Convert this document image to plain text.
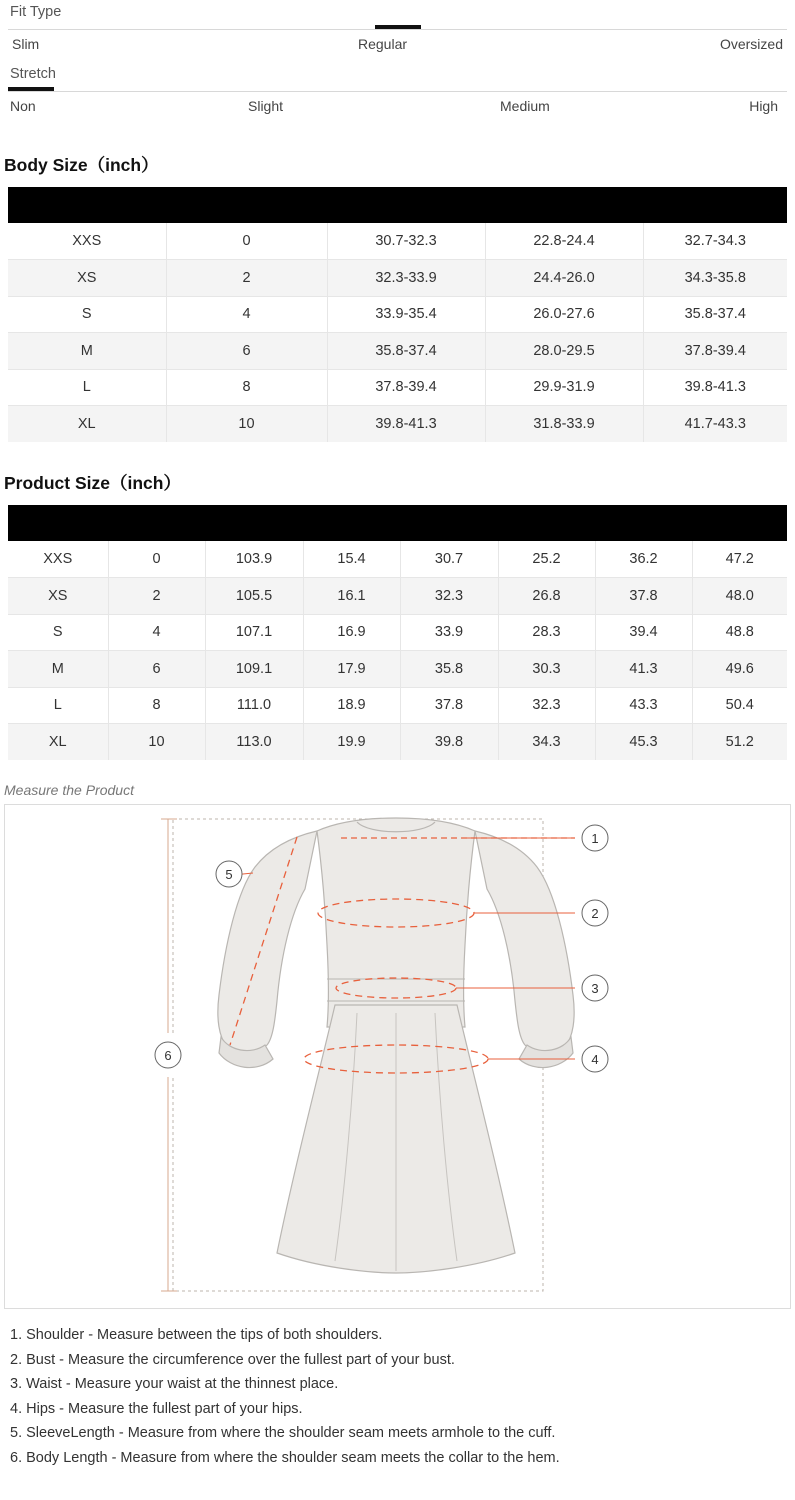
Fit Type
Slim	Regular	Oversized
Stretch
Non	Slight	Medium	High
Body Size（inch）

XXS	0	30.7-32.3	22.8-24.4	32.7-34.3
XS	2	32.3-33.9	24.4-26.0	34.3-35.8
S	4	33.9-35.4	26.0-27.6	35.8-37.4
M	6	35.8-37.4	28.0-29.5	37.8-39.4
L	8	37.8-39.4	29.9-31.9	39.8-41.3
XL	10	39.8-41.3	31.8-33.9	41.7-43.3
Product Size（inch）

XXS	0	103.9	15.4	30.7	25.2	36.2	47.2
XS	2	105.5	16.1	32.3	26.8	37.8	48.0
S	4	107.1	16.9	33.9	28.3	39.4	48.8
M	6	109.1	17.9	35.8	30.3	41.3	49.6
L	8	111.0	18.9	37.8	32.3	43.3	50.4
XL	10	113.0	19.9	39.8	34.3	45.3	51.2
Measure the Product
1
2
3
4
5
6
1. Shoulder - Measure between the tips of both shoulders.
2. Bust - Measure the circumference over the fullest part of your bust.
3. Waist - Measure your waist at the thinnest place.
4. Hips - Measure the fullest part of your hips.
5. SleeveLength - Measure from where the shoulder seam meets armhole to the cuff.
6. Body Length - Measure from where the shoulder seam meets the collar to the hem.
